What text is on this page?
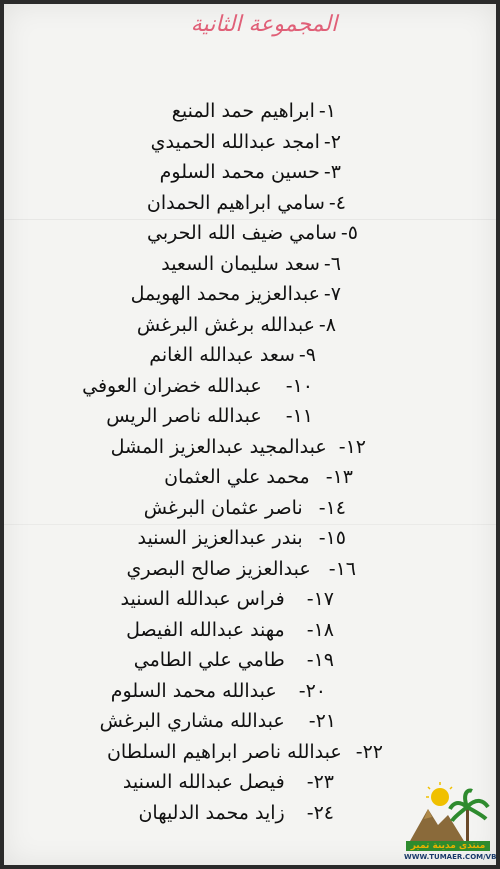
المجموعة الثانية
١-ابراهيم حمد المنيع
٢-امجد عبدالله الحميدي
٣-حسين محمد السلوم
٤-سامي ابراهيم الحمدان
٥-سامي ضيف الله الحربي
٦-سعد سليمان السعيد
٧-عبدالعزيز محمد الهويمل
٨-عبدالله برغش البرغش
٩-سعد عبدالله الغانم
١٠-عبدالله خضران العوفي
١١-عبدالله ناصر الريس
١٢-عبدالمجيد عبدالعزيز المشل
١٣-محمد علي العثمان
١٤-ناصر عثمان البرغش
١٥-بندر عبدالعزيز السنيد
١٦-عبدالعزيز صالح البصري
١٧-فراس عبدالله السنيد
١٨-مهند عبدالله الفيصل
١٩-طامي علي الطامي
٢٠-عبدالله محمد السلوم
٢١-عبدالله مشاري البرغش
٢٢-عبدالله ناصر ابراهيم السلطان
٢٣-فيصل عبدالله السنيد
٢٤-زايد محمد الدليهان
منتدى مدينة تمير
WWW.TUMAER.COM/VB
